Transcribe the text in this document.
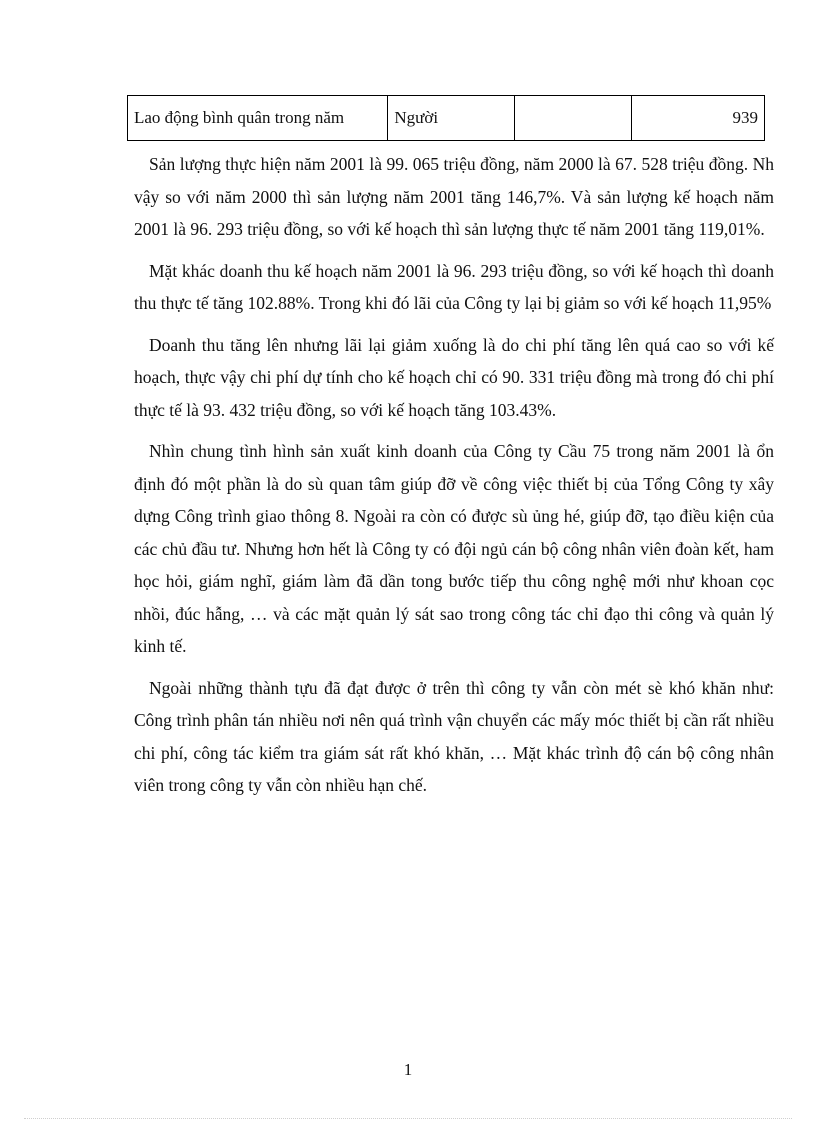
Lao động bình quân trong năm	Người		939

Sản lượng thực hiện năm 2001 là 99. 065 triệu đồng, năm 2000 là 67. 528 triệu đồng. Nh vậy so với năm 2000 thì sản lượng năm 2001 tăng 146,7%. Và sản lượng kế hoạch năm 2001 là 96. 293 triệu đồng, so với kế hoạch thì sản lượng thực tế năm 2001 tăng 119,01%.

Mặt khác doanh thu kế hoạch năm 2001 là 96. 293 triệu đồng, so với kế hoạch thì doanh thu thực tế tăng 102.88%. Trong khi đó lãi của Công ty lại bị giảm so với kế hoạch 11,95%

Doanh thu tăng lên nhưng lãi lại giảm xuống là do chi phí tăng lên quá cao so với kế hoạch, thực vậy chi phí dự tính cho kế hoạch chỉ có 90. 331 triệu đồng mà trong đó chi phí thực tế là 93. 432 triệu đồng, so với kế hoạch tăng 103.43%.

Nhìn chung tình hình sản xuất kinh doanh của Công ty Cầu 75 trong năm 2001 là ổn định đó một phần là do sù quan tâm giúp đỡ về công việc thiết bị của Tổng Công ty xây dựng Công trình giao thông 8. Ngoài ra còn có được sù ủng hé, giúp đỡ, tạo điều kiện của các chủ đầu tư. Nhưng hơn hết là Công ty có đội ngủ cán bộ công nhân viên đoàn kết, ham học hỏi, giám nghĩ, giám làm đã dần tong bước tiếp thu công nghệ mới như khoan cọc nhồi, đúc hẫng, … và các mặt quản lý sát sao trong công tác chỉ đạo thi công và quản lý kinh tế.

Ngoài những thành tựu đã đạt được ở trên thì công ty vẫn còn mét sè khó khăn như: Công trình phân tán nhiều nơi nên quá trình vận chuyển các mấy móc thiết bị cần rất nhiều chi phí, công tác kiểm tra giám sát rất khó khăn, … Mặt khác trình độ cán bộ công nhân viên trong công ty vẫn còn nhiều hạn chế.

1
